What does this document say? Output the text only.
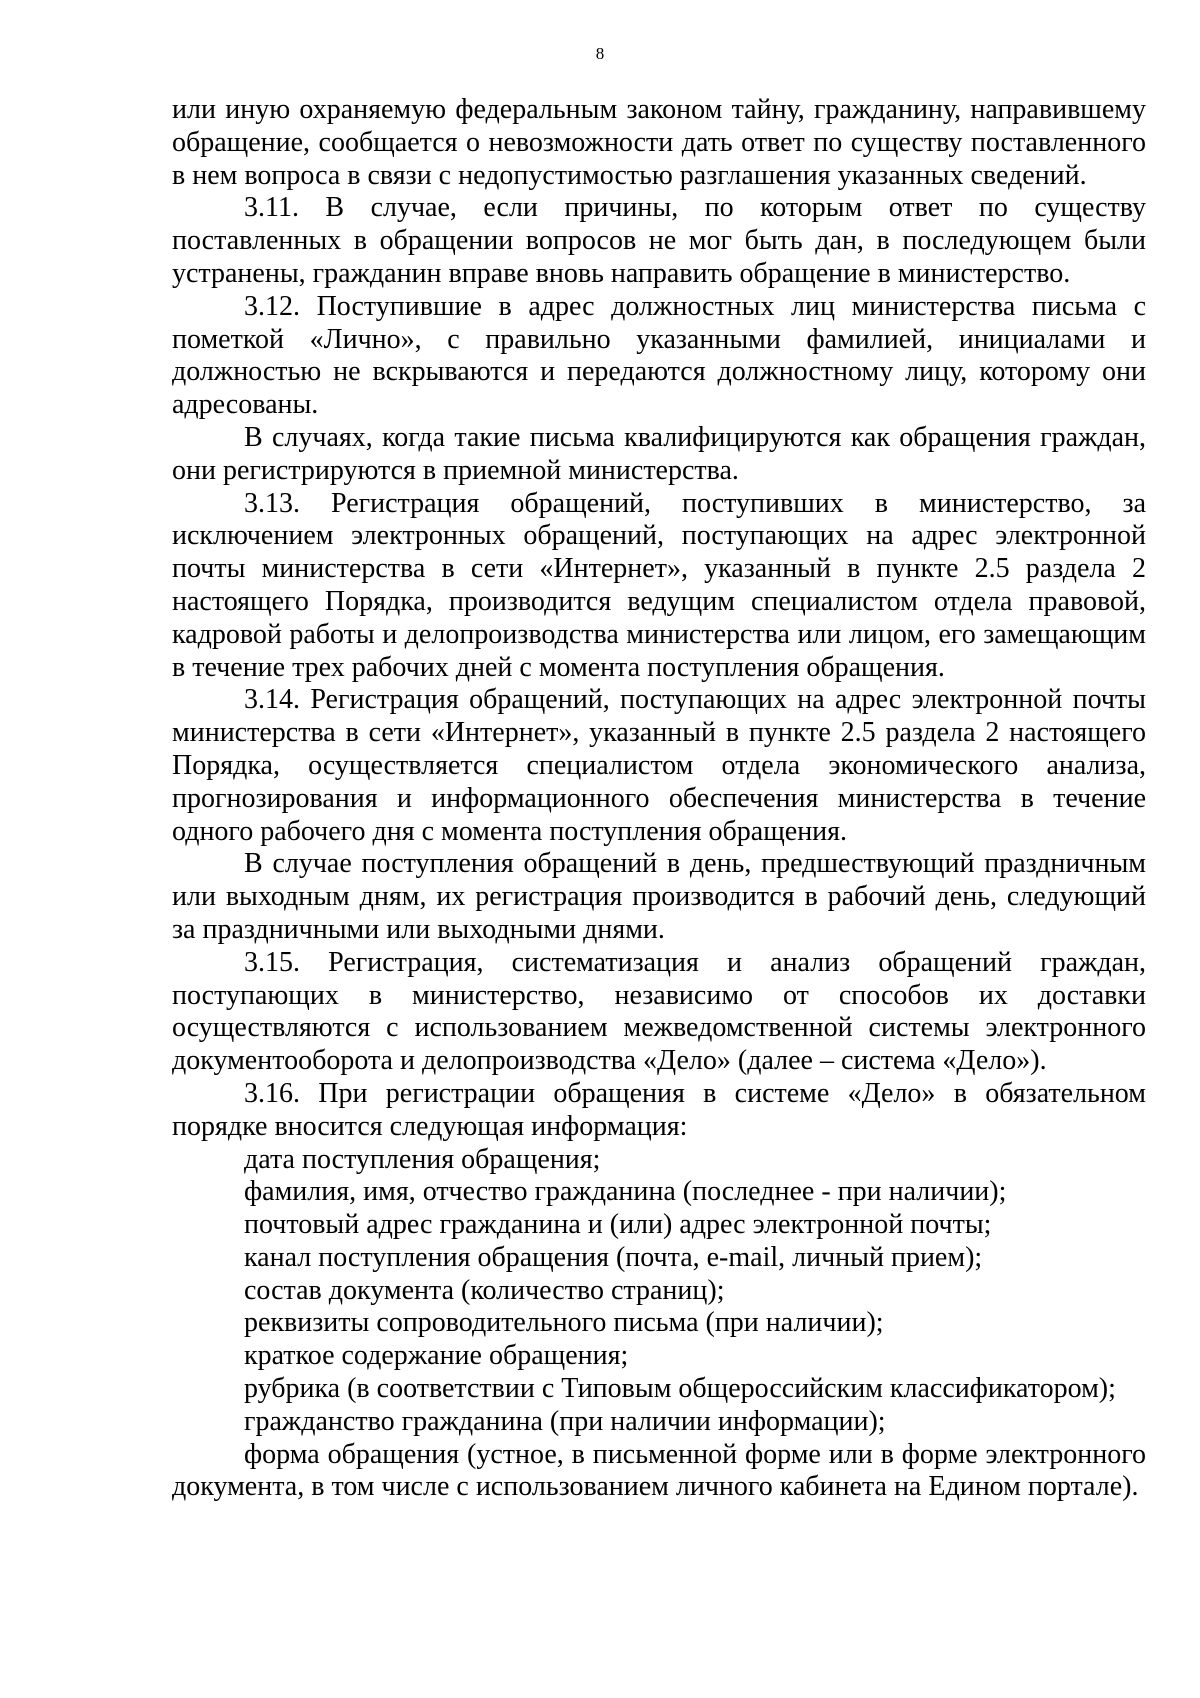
8

или иную охраняемую федеральным законом тайну, гражданину, направившему обращение, сообщается о невозможности дать ответ по существу поставленного в нем вопроса в связи с недопустимостью разглашения указанных сведений.

3.11. В случае, если причины, по которым ответ по существу поставленных в обращении вопросов не мог быть дан, в последующем были устранены, гражданин вправе вновь направить обращение в министерство.

3.12. Поступившие в адрес должностных лиц министерства письма с пометкой «Лично», с правильно указанными фамилией, инициалами и должностью не вскрываются и передаются должностному лицу, которому они адресованы.

В случаях, когда такие письма квалифицируются как обращения граждан, они регистрируются в приемной министерства.

3.13. Регистрация обращений, поступивших в министерство, за исключением электронных обращений, поступающих на адрес электронной почты министерства в сети «Интернет», указанный в пункте 2.5 раздела 2 настоящего Порядка, производится ведущим специалистом отдела правовой, кадровой работы и делопроизводства министерства или лицом, его замещающим в течение трех рабочих дней с момента поступления обращения.

3.14. Регистрация обращений, поступающих на адрес электронной почты министерства в сети «Интернет», указанный в пункте 2.5 раздела 2 настоящего Порядка, осуществляется специалистом отдела экономического анализа, прогнозирования и информационного обеспечения министерства в течение одного рабочего дня с момента поступления обращения.

В случае поступления обращений в день, предшествующий праздничным или выходным дням, их регистрация производится в рабочий день, следующий за праздничными или выходными днями.

3.15. Регистрация, систематизация и анализ обращений граждан, поступающих в министерство, независимо от способов их доставки осуществляются с использованием межведомственной системы электронного документооборота и делопроизводства «Дело» (далее – система «Дело»).

3.16. При регистрации обращения в системе «Дело» в обязательном порядке вносится следующая информация:

дата поступления обращения;

фамилия, имя, отчество гражданина (последнее - при наличии);

почтовый адрес гражданина и (или) адрес электронной почты;

канал поступления обращения (почта, e-mail, личный прием);

состав документа (количество страниц);

реквизиты сопроводительного письма (при наличии);

краткое содержание обращения;

рубрика (в соответствии с Типовым общероссийским классификатором);

гражданство гражданина (при наличии информации);

форма обращения (устное, в письменной форме или в форме электронного документа, в том числе с использованием личного кабинета на Едином портале).
